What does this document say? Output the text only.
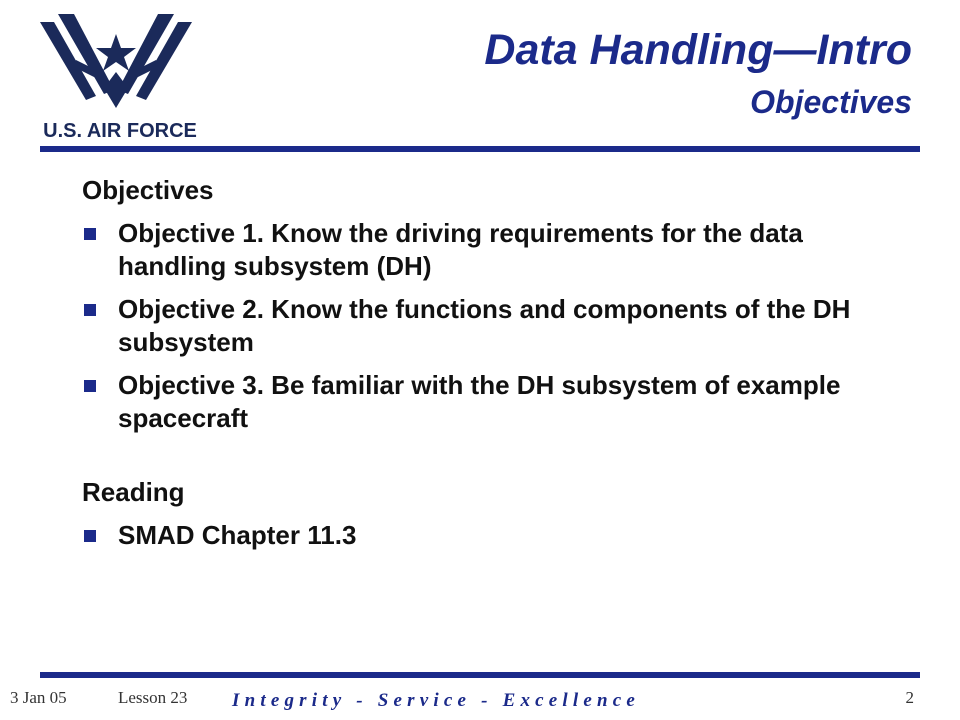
U.S. AIR FORCE
Data Handling—Intro
Objectives
Objectives
Objective 1. Know the driving requirements for the data handling subsystem (DH)
Objective 2. Know the functions and components of the DH subsystem
Objective 3. Be familiar with the DH subsystem of example spacecraft
Reading
SMAD Chapter 11.3
3 Jan 05	Lesson 23 Integrity - Service - Excellence	2
